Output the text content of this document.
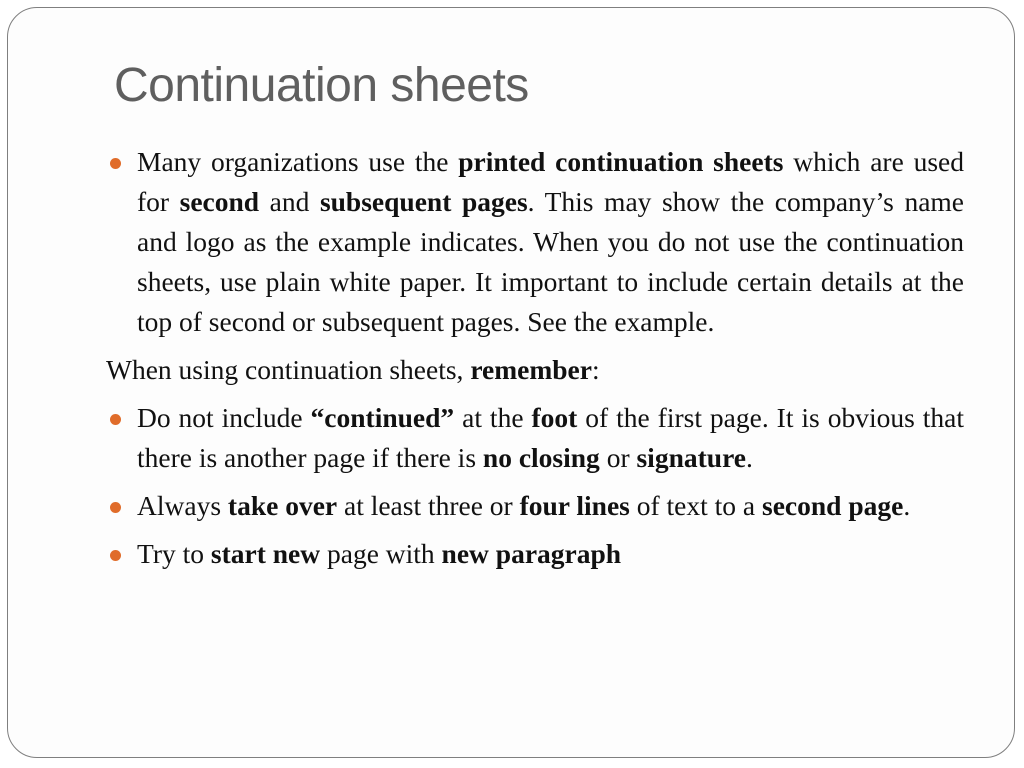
Continuation sheets
Many organizations use the printed continuation sheets which are used for second and subsequent pages. This may show the company’s name and logo as the example indicates. When you do not use the continuation sheets, use plain white paper. It important to include certain details at the top of second or subsequent pages. See the example.
When using continuation sheets, remember:
Do not include “continued” at the foot of the first page. It is obvious that there is another page if there is no closing or signature.
Always take over at least three or four lines of text to a second page.
Try to start new page with new paragraph
